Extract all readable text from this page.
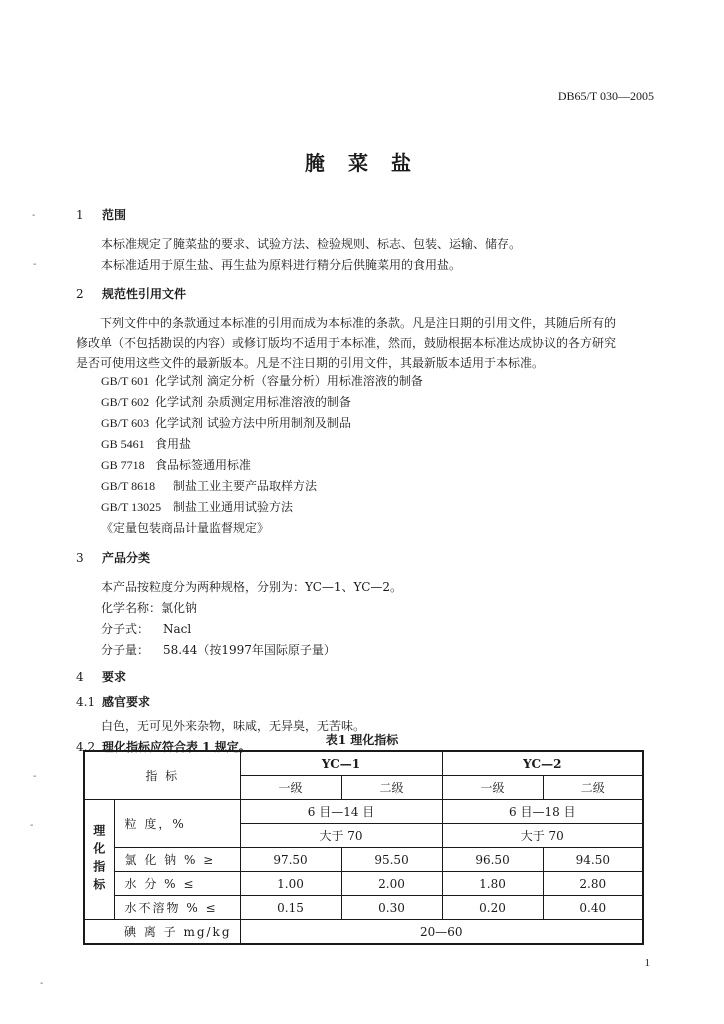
DB65/T 030—2005
腌 菜 盐
-
-
-
-
-
1 范围
本标准规定了腌菜盐的要求、试验方法、检验规则、标志、包装、运输、储存。
本标准适用于原生盐、再生盐为原料进行精分后供腌菜用的食用盐。
2 规范性引用文件
下列文件中的条款通过本标准的引用而成为本标准的条款。凡是注日期的引用文件，其随后所有的
修改单（不包括勘误的内容）或修订版均不适用于本标准，然而，鼓励根据本标准达成协议的各方研究
是否可使用这些文件的最新版本。凡是不注日期的引用文件，其最新版本适用于本标准。
GB/T 601 化学试剂 滴定分析（容量分析）用标准溶液的制备
GB/T 602 化学试剂 杂质测定用标准溶液的制备
GB/T 603 化学试剂 试验方法中所用制剂及制品
GB 5461 食用盐
GB 7718 食品标签通用标准
GB/T 8618 制盐工业主要产品取样方法
GB/T 13025 制盐工业通用试验方法
《定量包装商品计量监督规定》
3 产品分类
本产品按粒度分为两种规格，分别为：YC—1、YC—2。
化学名称：氯化钠
分子式： Nacl
分子量： 58.44（按1997年国际原子量）
4 要求
4.1 感官要求
白色，无可见外来杂物，味咸，无异臭，无苦味。
4.2 理化指标应符合表 1 规定。	表1 理化指标
指 标		YC—1		YC—2	
		一级	二级	一级	二级
理化指标	粒 度，%	6 目—14 目		6 目—18 目	
		大于 70		大于 70	
	氯 化 钠 % ≥	97.50	95.50	96.50	94.50
	水 分 % ≤	1.00	2.00	1.80	2.80
	水不溶物 % ≤	0.15	0.30	0.20	0.40
	碘 离 子 mg/kg	20—60			
1
